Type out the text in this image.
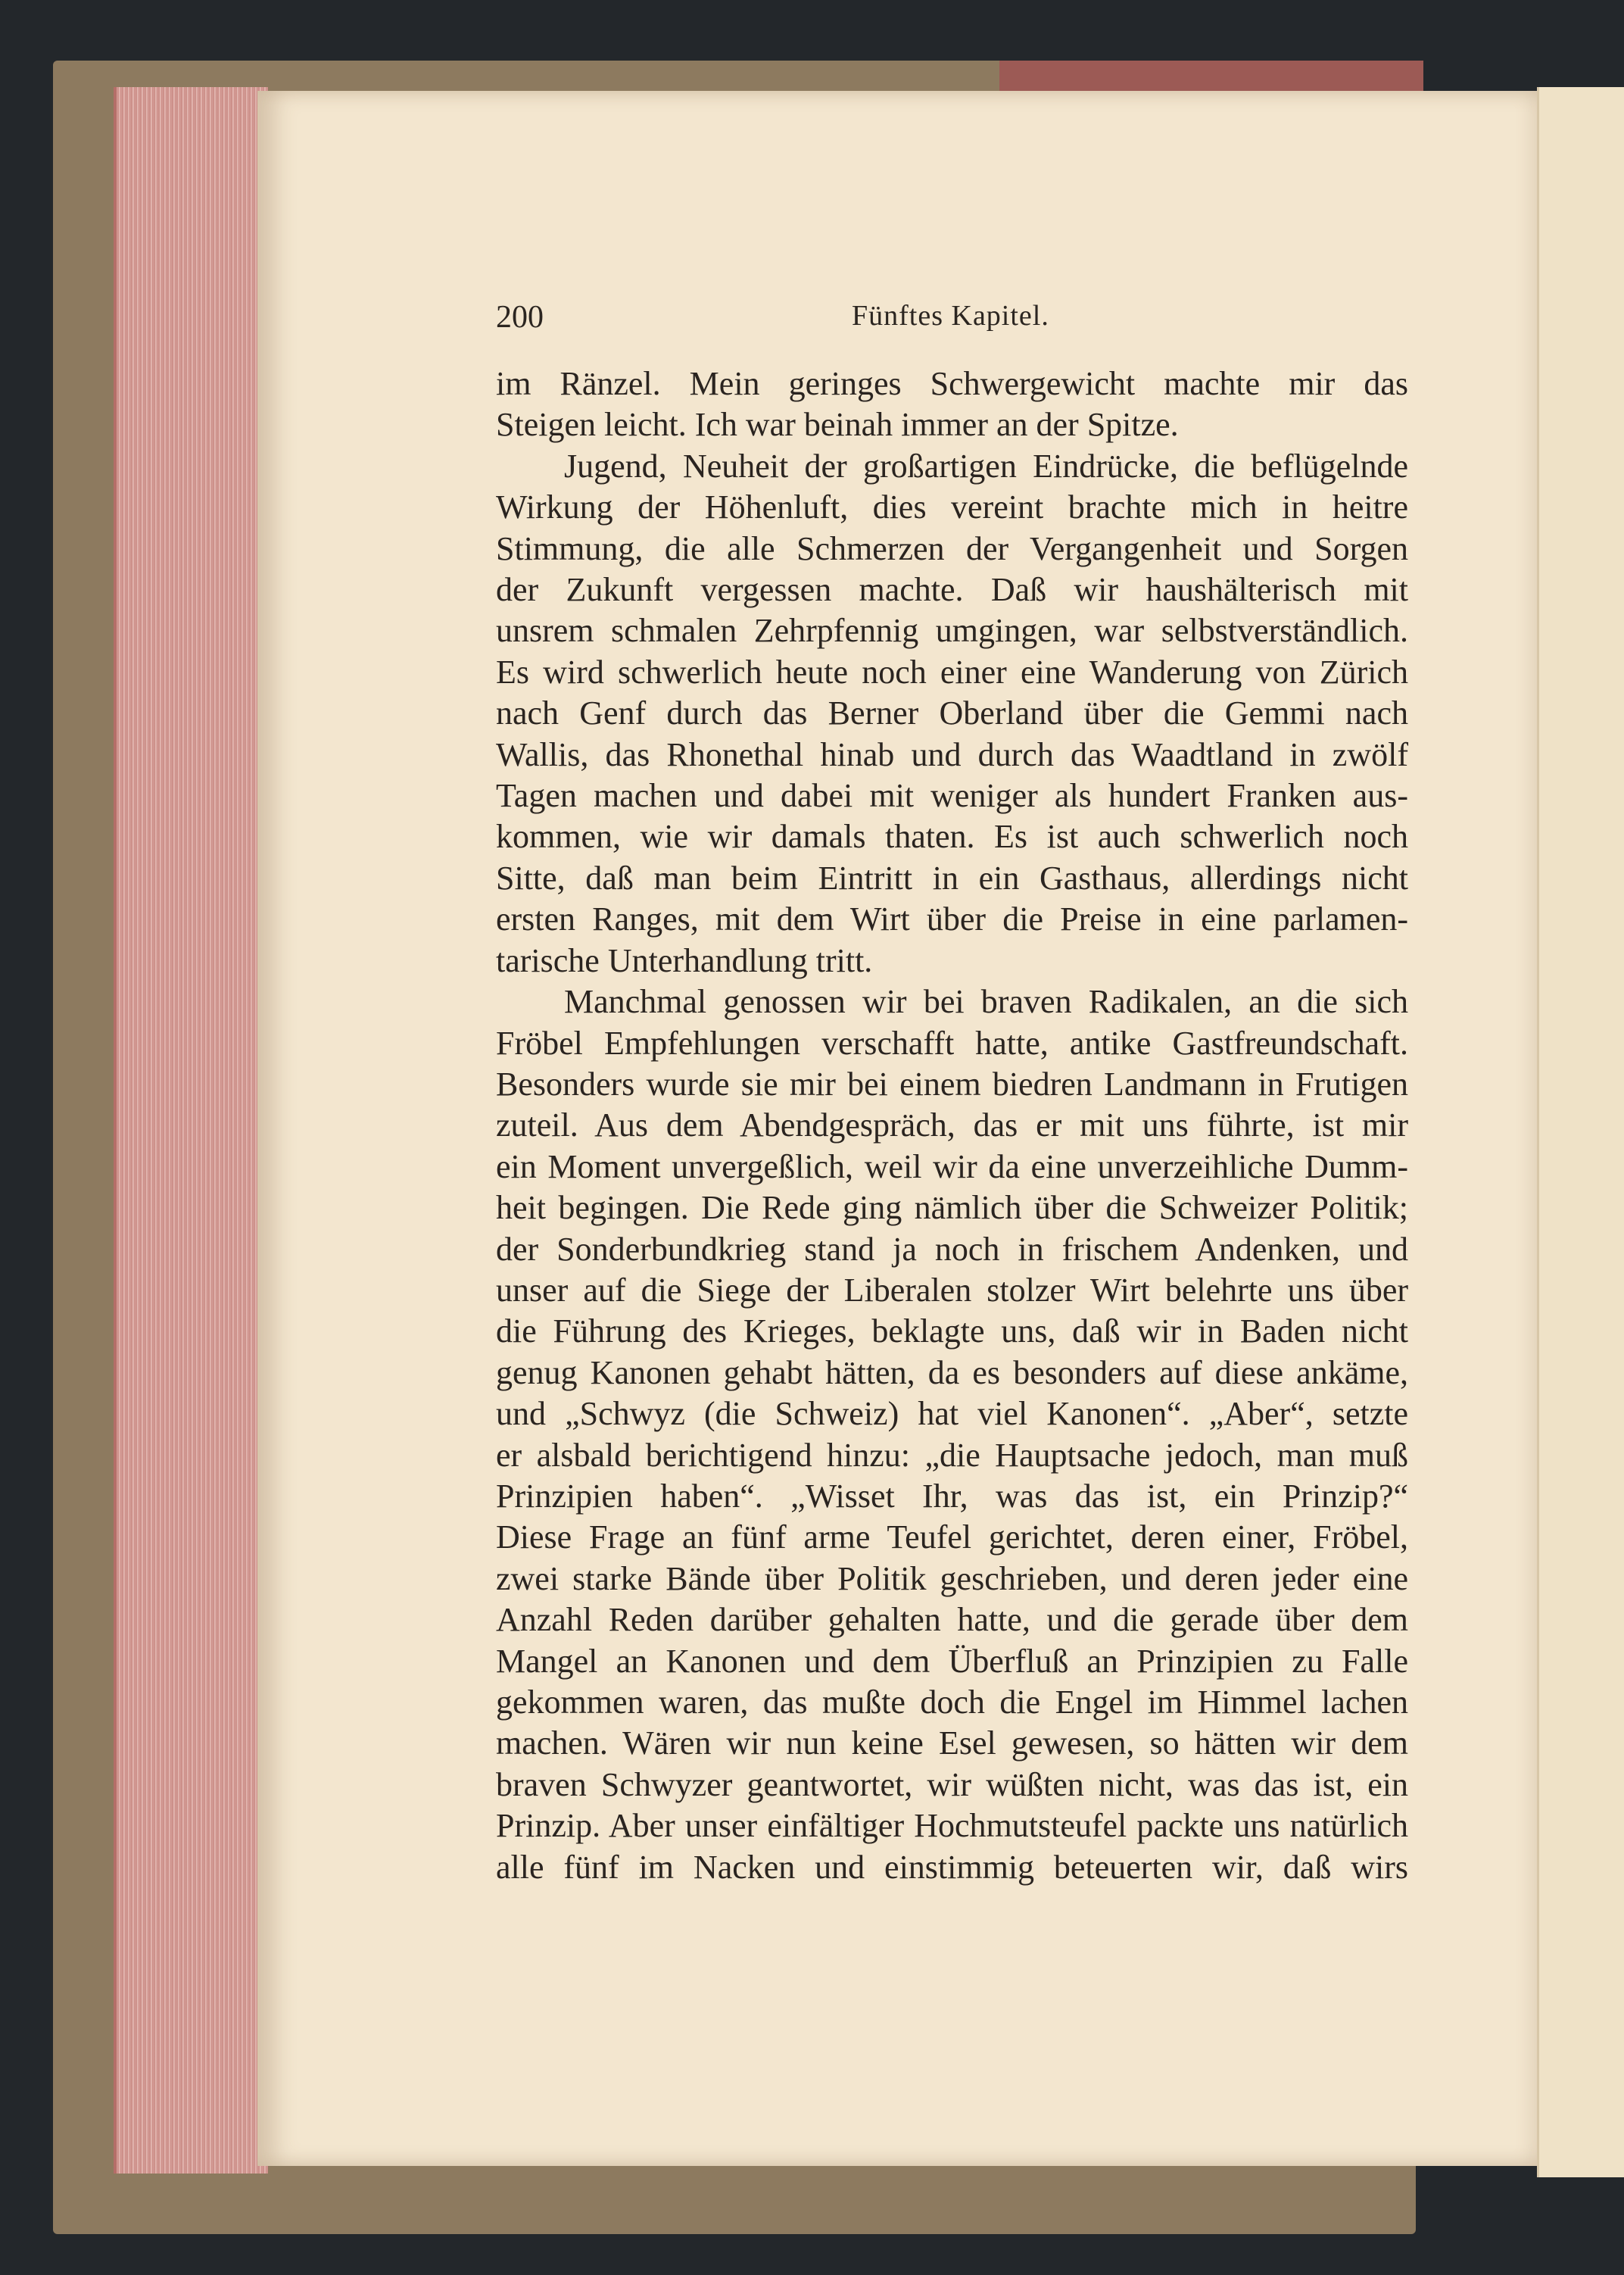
200	Fünftes Kapitel.
im Ränzel. Mein geringes Schwergewicht machte mir das
Steigen leicht. Ich war beinah immer an der Spitze.
Jugend, Neuheit der großartigen Eindrücke, die beflügelnde
Wirkung der Höhenluft, dies vereint brachte mich in heitre
Stimmung, die alle Schmerzen der Vergangenheit und Sorgen
der Zukunft vergessen machte. Daß wir haushälterisch mit
unsrem schmalen Zehrpfennig umgingen, war selbstverständlich.
Es wird schwerlich heute noch einer eine Wanderung von Zürich
nach Genf durch das Berner Oberland über die Gemmi nach
Wallis, das Rhonethal hinab und durch das Waadtland in zwölf
Tagen machen und dabei mit weniger als hundert Franken aus-
kommen, wie wir damals thaten. Es ist auch schwerlich noch
Sitte, daß man beim Eintritt in ein Gasthaus, allerdings nicht
ersten Ranges, mit dem Wirt über die Preise in eine parlamen-
tarische Unterhandlung tritt.
Manchmal genossen wir bei braven Radikalen, an die sich
Fröbel Empfehlungen verschafft hatte, antike Gastfreundschaft.
Besonders wurde sie mir bei einem biedren Landmann in Frutigen
zuteil. Aus dem Abendgespräch, das er mit uns führte, ist mir
ein Moment unvergeßlich, weil wir da eine unverzeihliche Dumm-
heit begingen. Die Rede ging nämlich über die Schweizer Politik;
der Sonderbundkrieg stand ja noch in frischem Andenken, und
unser auf die Siege der Liberalen stolzer Wirt belehrte uns über
die Führung des Krieges, beklagte uns, daß wir in Baden nicht
genug Kanonen gehabt hätten, da es besonders auf diese ankäme,
und „Schwyz (die Schweiz) hat viel Kanonen“. „Aber“, setzte
er alsbald berichtigend hinzu: „die Hauptsache jedoch, man muß
Prinzipien haben“. „Wisset Ihr, was das ist, ein Prinzip?“
Diese Frage an fünf arme Teufel gerichtet, deren einer, Fröbel,
zwei starke Bände über Politik geschrieben, und deren jeder eine
Anzahl Reden darüber gehalten hatte, und die gerade über dem
Mangel an Kanonen und dem Überfluß an Prinzipien zu Falle
gekommen waren, das mußte doch die Engel im Himmel lachen
machen. Wären wir nun keine Esel gewesen, so hätten wir dem
braven Schwyzer geantwortet, wir wüßten nicht, was das ist, ein
Prinzip. Aber unser einfältiger Hochmutsteufel packte uns natürlich
alle fünf im Nacken und einstimmig beteuerten wir, daß wirs
